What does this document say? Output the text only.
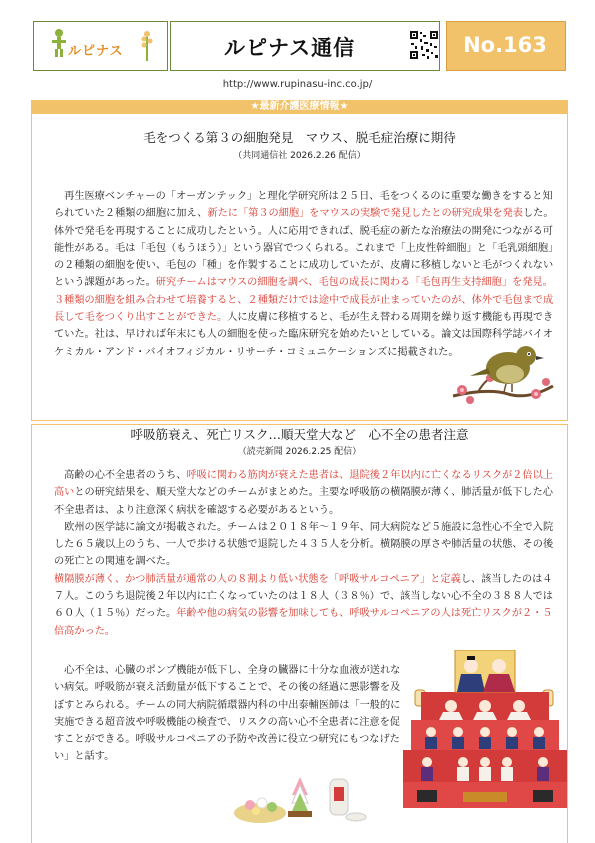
ルピナス	ルピナス通信	No.163
http://www.rupinasu-inc.co.jp/
★最新介護医療情報★
毛をつくる第３の細胞発見　マウス、脱毛症治療に期待
（共同通信社 2026.2.26 配信）

　再生医療ベンチャーの「オーガンテック」と理化学研究所は２５日、毛をつくるのに重要な働きをすると知られていた２種類の細胞に加え、新たに「第３の細胞」をマウスの実験で発見したとの研究成果を発表した。体外で発毛を再現することに成功したという。人に応用できれば、脱毛症の新たな治療法の開発につながる可能性がある。毛は「毛包（もうほう）」という器官でつくられる。これまで「上皮性幹細胞」と「毛乳頭細胞」の２種類の細胞を使い、毛包の「種」を作製することに成功していたが、皮膚に移植しないと毛がつくれないという課題があった。研究チームはマウスの細胞を調べ、毛包の成長に関わる「毛包再生支持細胞」を発見。３種類の細胞を組み合わせて培養すると、２種類だけでは途中で成長が止まっていたのが、体外で毛包まで成長して毛をつくり出すことができた。人に皮膚に移植すると、毛が生え替わる周期を繰り返す機能も再現できていた。社は、早ければ年末にも人の細胞を使った臨床研究を始めたいとしている。論文は国際科学誌バイオケミカル・アンド・バイオフィジカル・リサーチ・コミュニケーションズに掲載された。

呼吸筋衰え、死亡リスク…順天堂大など　心不全の患者注意
（読売新聞 2026.2.25 配信）

　高齢の心不全患者のうち、呼吸に関わる筋肉が衰えた患者は、退院後２年以内に亡くなるリスクが２倍以上高いとの研究結果を、順天堂大などのチームがまとめた。主要な呼吸筋の横隔膜が薄く、肺活量が低下した心不全患者は、より注意深く病状を確認する必要があるという。

　欧州の医学誌に論文が掲載された。チームは２０１８年～１９年、同大病院など５施設に急性心不全で入院した６５歳以上のうち、一人で歩ける状態で退院した４３５人を分析。横隔膜の厚さや肺活量の状態、その後の死亡との関連を調べた。

横隔膜が薄く、かつ肺活量が通常の人の８割より低い状態を「呼吸サルコペニア」と定義し、該当したのは４７人。このうち退院後２年以内に亡くなっていたのは１８人（３８％）で、該当しない心不全の３８８人では６０人（１５％）だった。年齢や他の病気の影響を加味しても、呼吸サルコペニアの人は死亡リスクが２・５倍高かった。

　心不全は、心臓のポンプ機能が低下し、全身の臓器に十分な血液が送れない病気。呼吸筋が衰え活動量が低下することで、その後の経過に悪影響を及ぼすとみられる。チームの同大病院循環器内科の中出泰輔医師は「一般的に実施できる超音波や呼吸機能の検査で、リスクの高い心不全患者に注意を促すことができる。呼吸サルコペニアの予防や改善に役立つ研究にもつなげたい」と話す。
